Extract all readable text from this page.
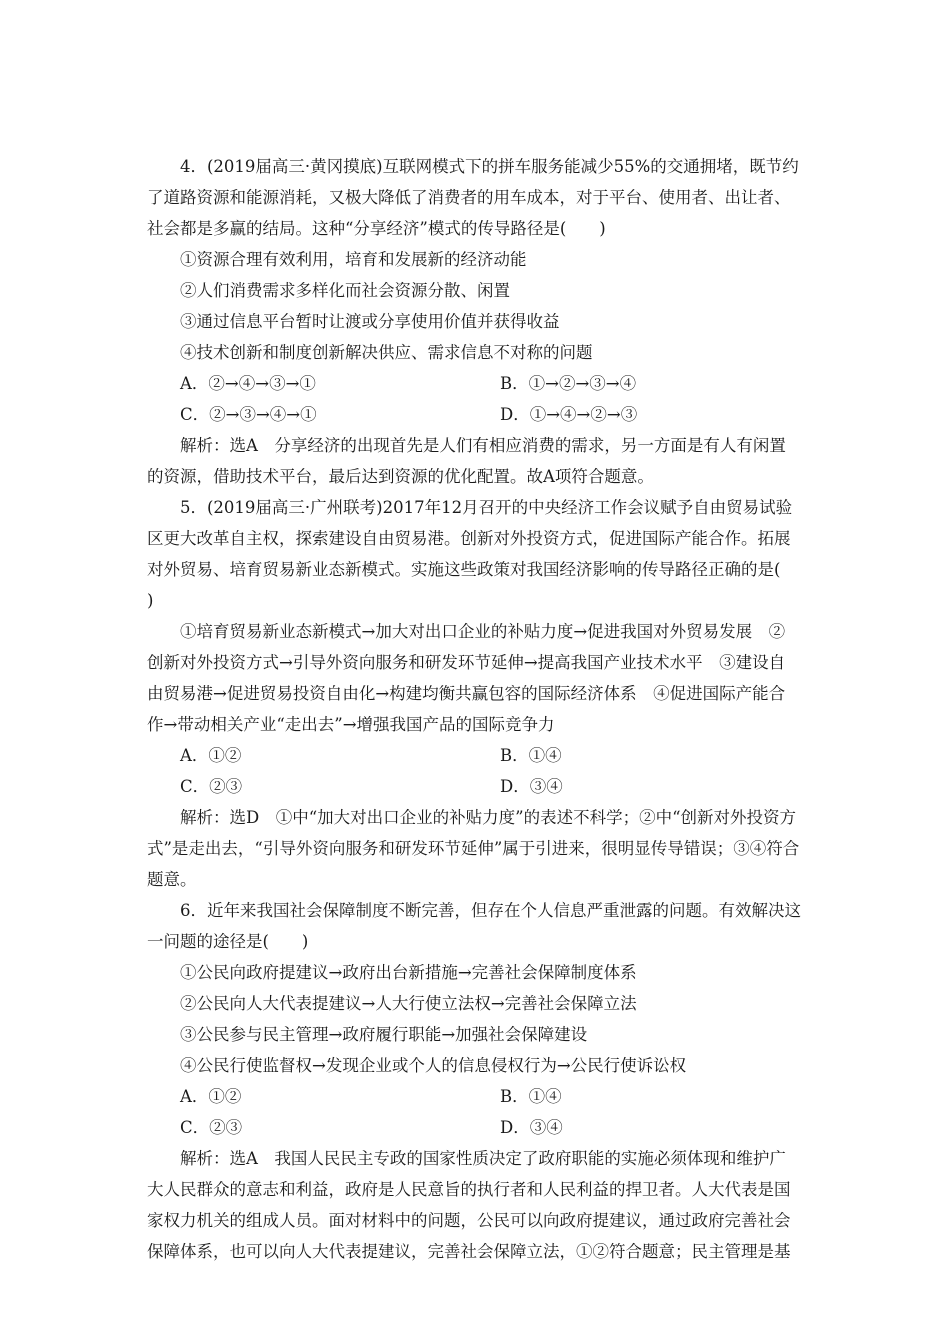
4．(2019届高三·黄冈摸底)互联网模式下的拼车服务能减少55%的交通拥堵，既节约
了道路资源和能源消耗，又极大降低了消费者的用车成本，对于平台、使用者、出让者、
社会都是多赢的结局。这种“分享经济”模式的传导路径是(　　)
①资源合理有效利用，培育和发展新的经济动能
②人们消费需求多样化而社会资源分散、闲置
③通过信息平台暂时让渡或分享使用价值并获得收益
④技术创新和制度创新解决供应、需求信息不对称的问题
A．②→④→③→①	B．①→②→③→④
C．②→③→④→①	D．①→④→②→③
解析：选A　分享经济的出现首先是人们有相应消费的需求，另一方面是有人有闲置
的资源，借助技术平台，最后达到资源的优化配置。故A项符合题意。
5．(2019届高三·广州联考)2017年12月召开的中央经济工作会议赋予自由贸易试验
区更大改革自主权，探索建设自由贸易港。创新对外投资方式，促进国际产能合作。拓展
对外贸易、培育贸易新业态新模式。实施这些政策对我国经济影响的传导路径正确的是(
)
①培育贸易新业态新模式→加大对出口企业的补贴力度→促进我国对外贸易发展　②
创新对外投资方式→引导外资向服务和研发环节延伸→提高我国产业技术水平　③建设自
由贸易港→促进贸易投资自由化→构建均衡共赢包容的国际经济体系　④促进国际产能合
作→带动相关产业“走出去”→增强我国产品的国际竞争力
A．①②	B．①④
C．②③	D．③④
解析：选D　①中“加大对出口企业的补贴力度”的表述不科学；②中“创新对外投资方
式”是走出去，“引导外资向服务和研发环节延伸”属于引进来，很明显传导错误；③④符合
题意。
6．近年来我国社会保障制度不断完善，但存在个人信息严重泄露的问题。有效解决这
一问题的途径是(　　)
①公民向政府提建议→政府出台新措施→完善社会保障制度体系
②公民向人大代表提建议→人大行使立法权→完善社会保障立法
③公民参与民主管理→政府履行职能→加强社会保障建设
④公民行使监督权→发现企业或个人的信息侵权行为→公民行使诉讼权
A．①②	B．①④
C．②③	D．③④
解析：选A　我国人民民主专政的国家性质决定了政府职能的实施必须体现和维护广
大人民群众的意志和利益，政府是人民意旨的执行者和人民利益的捍卫者。人大代表是国
家权力机关的组成人员。面对材料中的问题，公民可以向政府提建议，通过政府完善社会
保障体系，也可以向人大代表提建议，完善社会保障立法，①②符合题意；民主管理是基
